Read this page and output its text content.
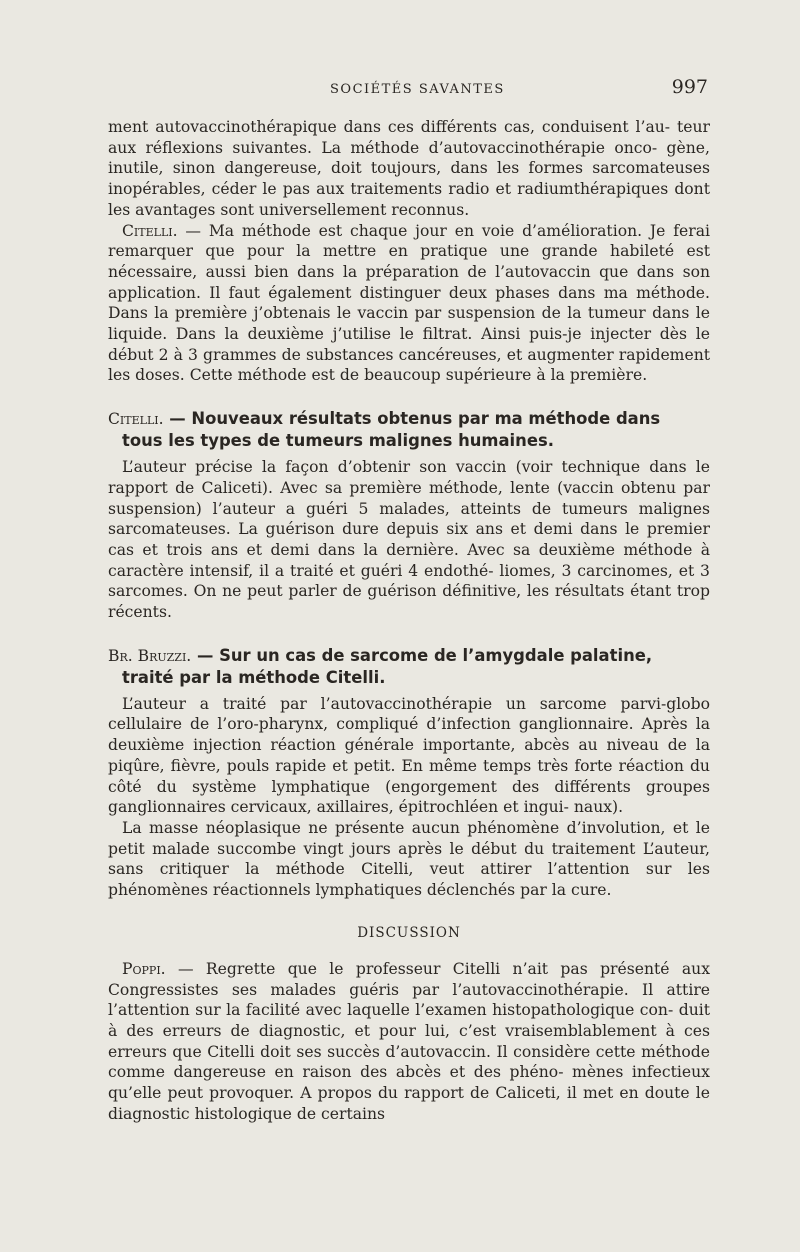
SOCIÉTÉS SAVANTES	997

ment autovaccinothérapique dans ces différents cas, conduisent l’au- teur aux réflexions suivantes. La méthode d’autovaccinothérapie onco- gène, inutile, sinon dangereuse, doit toujours, dans les formes sarcomateuses inopérables, céder le pas aux traitements radio et radiumthérapiques dont les avantages sont universellement reconnus.

Citelli. — Ma méthode est chaque jour en voie d’amélioration. Je ferai remarquer que pour la mettre en pratique une grande habileté est nécessaire, aussi bien dans la préparation de l’autovaccin que dans son application. Il faut également distinguer deux phases dans ma méthode. Dans la première j’obtenais le vaccin par suspension de la tumeur dans le liquide. Dans la deuxième j’utilise le filtrat. Ainsi puis-je injecter dès le début 2 à 3 grammes de substances cancéreuses, et augmenter rapidement les doses. Cette méthode est de beaucoup supérieure à la première.

Citelli. — Nouveaux résultats obtenus par ma méthode dans
tous les types de tumeurs malignes humaines.

L’auteur précise la façon d’obtenir son vaccin (voir technique dans le rapport de Caliceti). Avec sa première méthode, lente (vaccin obtenu par suspension) l’auteur a guéri 5 malades, atteints de tumeurs malignes sarcomateuses. La guérison dure depuis six ans et demi dans le premier cas et trois ans et demi dans la dernière. Avec sa deuxième méthode à caractère intensif, il a traité et guéri 4 endothé- liomes, 3 carcinomes, et 3 sarcomes. On ne peut parler de guérison définitive, les résultats étant trop récents.

Br. Bruzzi. — Sur un cas de sarcome de l’amygdale palatine,
traité par la méthode Citelli.

L’auteur a traité par l’autovaccinothérapie un sarcome parvi-globo cellulaire de l’oro-pharynx, compliqué d’infection ganglionnaire. Après la deuxième injection réaction générale importante, abcès au niveau de la piqûre, fièvre, pouls rapide et petit. En même temps très forte réaction du côté du système lymphatique (engorgement des différents groupes ganglionnaires cervicaux, axillaires, épitrochléen et ingui- naux).

La masse néoplasique ne présente aucun phénomène d’involution, et le petit malade succombe vingt jours après le début du traitement L’auteur, sans critiquer la méthode Citelli, veut attirer l’attention sur les phénomènes réactionnels lymphatiques déclenchés par la cure.

DISCUSSION

Poppi. — Regrette que le professeur Citelli n’ait pas présenté aux Congressistes ses malades guéris par l’autovaccinothérapie. Il attire l’attention sur la facilité avec laquelle l’examen histopathologique con- duit à des erreurs de diagnostic, et pour lui, c’est vraisemblablement à ces erreurs que Citelli doit ses succès d’autovaccin. Il considère cette méthode comme dangereuse en raison des abcès et des phéno- mènes infectieux qu’elle peut provoquer. A propos du rapport de Caliceti, il met en doute le diagnostic histologique de certains
